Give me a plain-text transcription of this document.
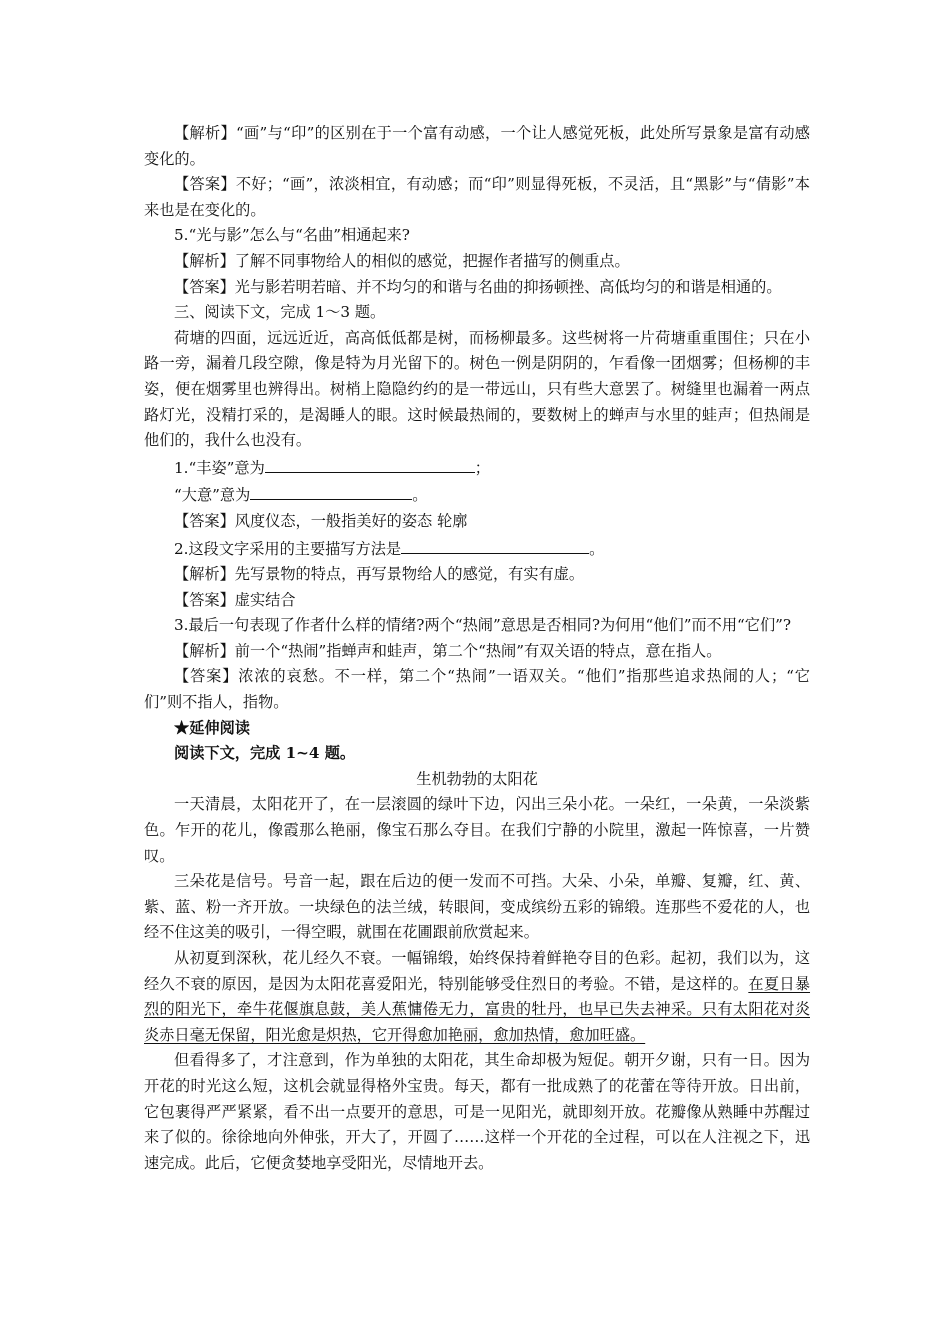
【解析】“画”与“印”的区别在于一个富有动感，一个让人感觉死板，此处所写景象是富有动感变化的。

【答案】不好；“画”，浓淡相宜，有动感；而“印”则显得死板，不灵活，且“黑影”与“倩影”本来也是在变化的。

5.“光与影”怎么与“名曲”相通起来?

【解析】了解不同事物给人的相似的感觉，把握作者描写的侧重点。

【答案】光与影若明若暗、并不均匀的和谐与名曲的抑扬顿挫、高低均匀的和谐是相通的。

三、阅读下文，完成 1～3 题。

荷塘的四面，远远近近，高高低低都是树，而杨柳最多。这些树将一片荷塘重重围住；只在小路一旁，漏着几段空隙，像是特为月光留下的。树色一例是阴阴的，乍看像一团烟雾；但杨柳的丰姿，便在烟雾里也辨得出。树梢上隐隐约约的是一带远山，只有些大意罢了。树缝里也漏着一两点路灯光，没精打采的，是渴睡人的眼。这时候最热闹的，要数树上的蝉声与水里的蛙声；但热闹是他们的，我什么也没有。

1.“丰姿”意为	；

“大意”意为	。

【答案】风度仪态，一般指美好的姿态 轮廓

2.这段文字采用的主要描写方法是	。

【解析】先写景物的特点，再写景物给人的感觉，有实有虚。

【答案】虚实结合

3.最后一句表现了作者什么样的情绪?两个“热闹”意思是否相同?为何用“他们”而不用“它们”?

【解析】前一个“热闹”指蝉声和蛙声，第二个“热闹”有双关语的特点，意在指人。

【答案】浓浓的哀愁。不一样，第二个“热闹”一语双关。“他们”指那些追求热闹的人；“它们”则不指人，指物。

★延伸阅读

阅读下文，完成 1~4 题。

生机勃勃的太阳花

一天清晨，太阳花开了，在一层滚圆的绿叶下边，闪出三朵小花。一朵红，一朵黄，一朵淡紫色。乍开的花儿，像霞那么艳丽，像宝石那么夺目。在我们宁静的小院里，激起一阵惊喜，一片赞叹。

三朵花是信号。号音一起，跟在后边的便一发而不可挡。大朵、小朵，单瓣、复瓣，红、黄、紫、蓝、粉一齐开放。一块绿色的法兰绒，转眼间，变成缤纷五彩的锦缎。连那些不爱花的人，也经不住这美的吸引，一得空暇，就围在花圃跟前欣赏起来。

从初夏到深秋，花儿经久不衰。一幅锦缎，始终保持着鲜艳夺目的色彩。起初，我们以为，这经久不衰的原因，是因为太阳花喜爱阳光，特别能够受住烈日的考验。不错，是这样的。在夏日暴烈的阳光下，牵牛花偃旗息鼓，美人蕉慵倦无力，富贵的牡丹，也早已失去神采。只有太阳花对炎炎赤日毫无保留，阳光愈是炽热，它开得愈加艳丽，愈加热情，愈加旺盛。

但看得多了，才注意到，作为单独的太阳花，其生命却极为短促。朝开夕谢，只有一日。因为开花的时光这么短，这机会就显得格外宝贵。每天，都有一批成熟了的花蕾在等待开放。日出前，它包裹得严严紧紧，看不出一点要开的意思，可是一见阳光，就即刻开放。花瓣像从熟睡中苏醒过来了似的。徐徐地向外伸张，开大了，开圆了……这样一个开花的全过程，可以在人注视之下，迅速完成。此后，它便贪婪地享受阳光，尽情地开去。
